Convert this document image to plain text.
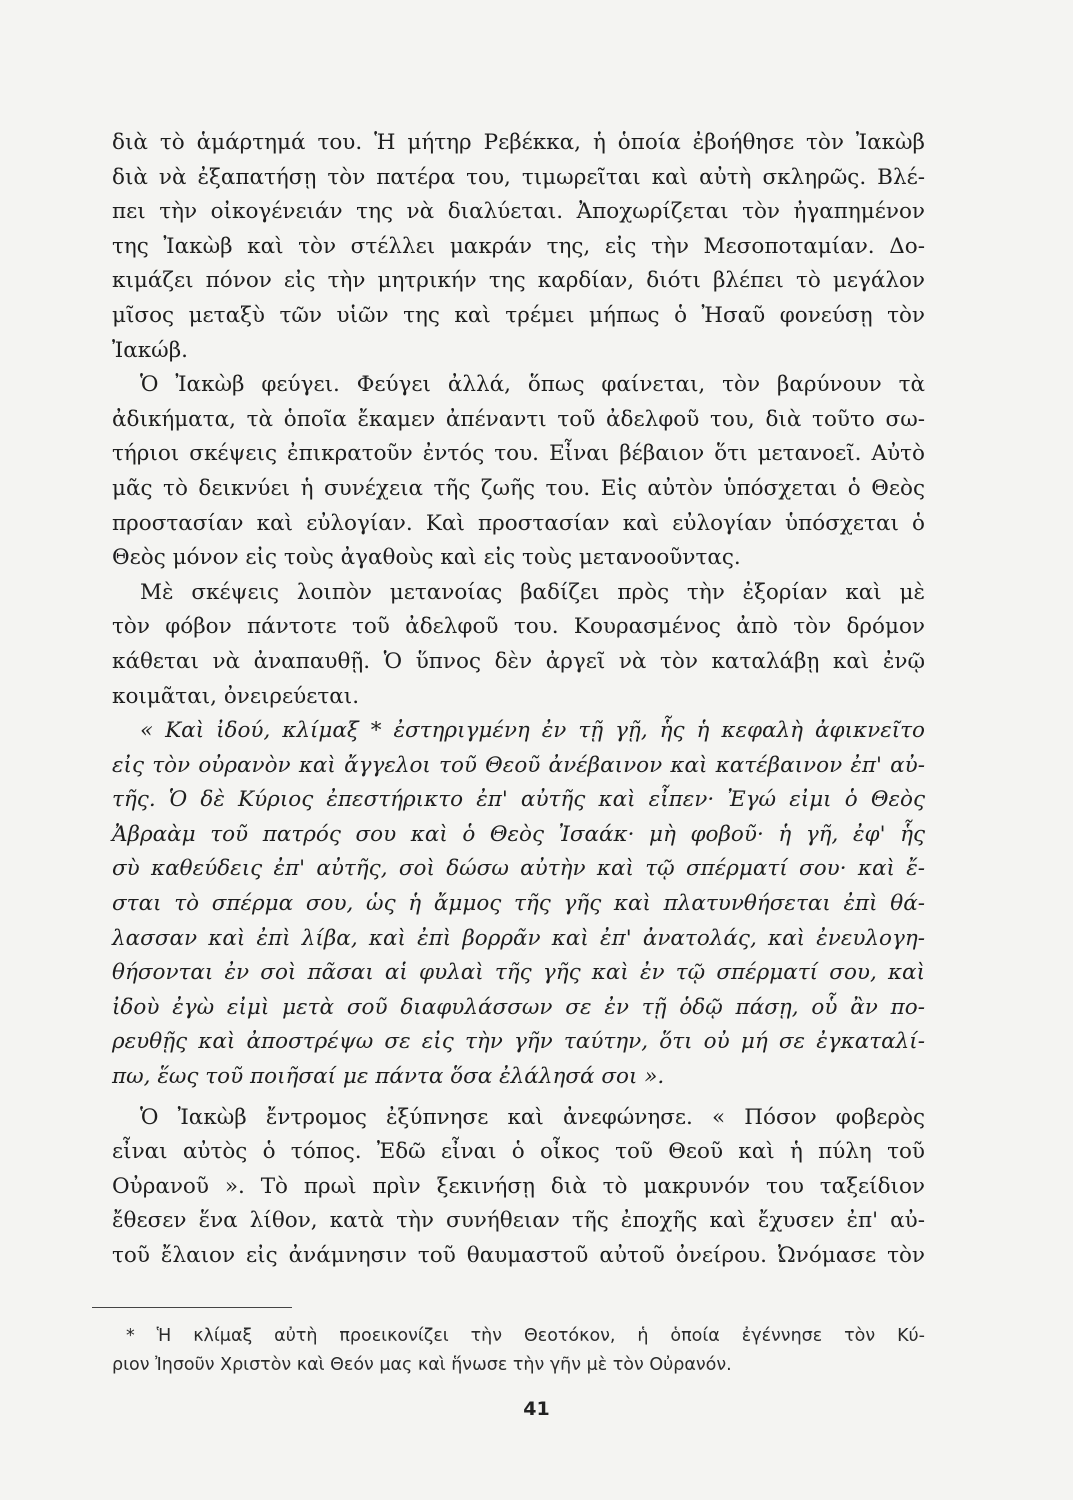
διὰ τὸ ἁμάρτημά του. Ἡ μήτηρ Ρεβέκκα, ἡ ὁποία ἐβοήθησε τὸν Ἰακὼβ
διὰ νὰ ἐξαπατήσῃ τὸν πατέρα του, τιμωρεῖται καὶ αὐτὴ σκληρῶς. Βλέ-
πει τὴν οἰκογένειάν της νὰ διαλύεται. Ἀποχωρίζεται τὸν ἠγαπημένον
της Ἰακὼβ καὶ τὸν στέλλει μακράν της, εἰς τὴν Μεσοποταμίαν. Δο-
κιμάζει πόνον εἰς τὴν μητρικήν της καρδίαν, διότι βλέπει τὸ μεγάλον
μῖσος μεταξὺ τῶν υἱῶν της καὶ τρέμει μήπως ὁ Ἠσαῦ φονεύσῃ τὸν
Ἰακώβ.
Ὁ Ἰακὼβ φεύγει. Φεύγει ἀλλά, ὅπως φαίνεται, τὸν βαρύνουν τὰ
ἀδικήματα, τὰ ὁποῖα ἔκαμεν ἀπέναντι τοῦ ἀδελφοῦ του, διὰ τοῦτο σω-
τήριοι σκέψεις ἐπικρατοῦν ἐντός του. Εἶναι βέβαιον ὅτι μετανοεῖ. Αὐτὸ
μᾶς τὸ δεικνύει ἡ συνέχεια τῆς ζωῆς του. Εἰς αὐτὸν ὑπόσχεται ὁ Θεὸς
προστασίαν καὶ εὐλογίαν. Καὶ προστασίαν καὶ εὐλογίαν ὑπόσχεται ὁ
Θεὸς μόνον εἰς τοὺς ἀγαθοὺς καὶ εἰς τοὺς μετανοοῦντας.
Μὲ σκέψεις λοιπὸν μετανοίας βαδίζει πρὸς τὴν ἐξορίαν καὶ μὲ
τὸν φόβον πάντοτε τοῦ ἀδελφοῦ του. Κουρασμένος ἀπὸ τὸν δρόμον
κάθεται νὰ ἀναπαυθῇ. Ὁ ὕπνος δὲν ἀργεῖ νὰ τὸν καταλάβῃ καὶ ἐνῷ
κοιμᾶται, ὀνειρεύεται.
« Καὶ ἰδού, κλίμαξ * ἐστηριγμένη ἐν τῇ γῇ, ἧς ἡ κεφαλὴ ἀφικνεῖτο
εἰς τὸν οὐρανὸν καὶ ἄγγελοι τοῦ Θεοῦ ἀνέβαινον καὶ κατέβαινον ἐπ' αὐ-
τῆς. Ὁ δὲ Κύριος ἐπεστήρικτο ἐπ' αὐτῆς καὶ εἶπεν· Ἐγώ εἰμι ὁ Θεὸς
Ἀβραὰμ τοῦ πατρός σου καὶ ὁ Θεὸς Ἰσαάκ· μὴ φοβοῦ· ἡ γῆ, ἐφ' ἧς
σὺ καθεύδεις ἐπ' αὐτῆς, σοὶ δώσω αὐτὴν καὶ τῷ σπέρματί σου· καὶ ἔ-
σται τὸ σπέρμα σου, ὡς ἡ ἄμμος τῆς γῆς καὶ πλατυνθήσεται ἐπὶ θά-
λασσαν καὶ ἐπὶ λίβα, καὶ ἐπὶ βορρᾶν καὶ ἐπ' ἀνατολάς, καὶ ἐνευλογη-
θήσονται ἐν σοὶ πᾶσαι αἱ φυλαὶ τῆς γῆς καὶ ἐν τῷ σπέρματί σου, καὶ
ἰδοὺ ἐγὼ εἰμὶ μετὰ σοῦ διαφυλάσσων σε ἐν τῇ ὁδῷ πάσῃ, οὗ ἂν πο-
ρευθῇς καὶ ἀποστρέψω σε εἰς τὴν γῆν ταύτην, ὅτι οὐ μή σε ἐγκαταλί-
πω, ἕως τοῦ ποιῆσαί με πάντα ὅσα ἐλάλησά σοι ».
Ὁ Ἰακὼβ ἔντρομος ἐξύπνησε καὶ ἀνεφώνησε. « Πόσον φοβερὸς
εἶναι αὐτὸς ὁ τόπος. Ἐδῶ εἶναι ὁ οἶκος τοῦ Θεοῦ καὶ ἡ πύλη τοῦ
Οὐρανοῦ ». Τὸ πρωὶ πρὶν ξεκινήσῃ διὰ τὸ μακρυνόν του ταξείδιον
ἔθεσεν ἕνα λίθον, κατὰ τὴν συνήθειαν τῆς ἐποχῆς καὶ ἔχυσεν ἐπ' αὐ-
τοῦ ἔλαιον εἰς ἀνάμνησιν τοῦ θαυμαστοῦ αὐτοῦ ὀνείρου. Ὠνόμασε τὸν
* Ἡ κλίμαξ αὐτὴ προεικονίζει τὴν Θεοτόκον, ἡ ὁποία ἐγέννησε τὸν Κύ-
ριον Ἰησοῦν Χριστὸν καὶ Θεόν μας καὶ ἥνωσε τὴν γῆν μὲ τὸν Οὐρανόν.
41
